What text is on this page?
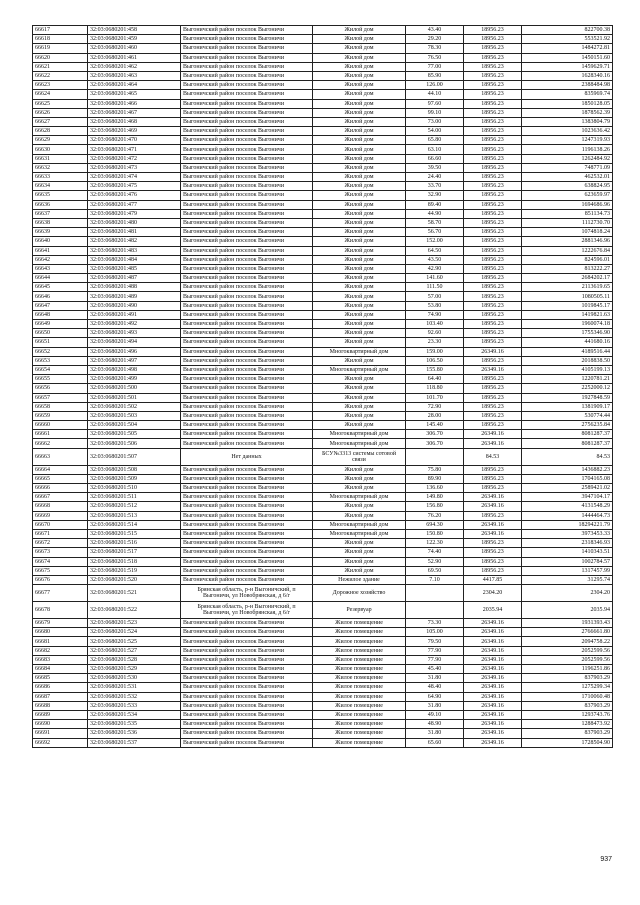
66617	32:03:0680201:458	Выгоничский район поселок Выгоничи	Жилой дом	43.40	18956.23	822700.38
66618	32:03:0680201:459	Выгоничский район поселок Выгоничи	Жилой дом	29.20	18956.23	553521.92
66619	32:03:0680201:460	Выгоничский район поселок Выгоничи	Жилой дом	78.30	18956.23	1484272.81
66620	32:03:0680201:461	Выгоничский район поселок Выгоничи	Жилой дом	76.50	18956.23	1450151.60
66621	32:03:0680201:462	Выгоничский район поселок Выгоничи	Жилой дом	77.00	18956.23	1459629.71
66622	32:03:0680201:463	Выгоничский район поселок Выгоничи	Жилой дом	85.90	18956.23	1628340.16
66623	32:03:0680201:464	Выгоничский район поселок Выгоничи	Жилой дом	126.00	18956.23	2388484.98
66624	32:03:0680201:465	Выгоничский район поселок Выгоничи	Жилой дом	44.10	18956.23	835969.74
66625	32:03:0680201:466	Выгоничский район поселок Выгоничи	Жилой дом	97.60	18956.23	1850128.05
66626	32:03:0680201:467	Выгоничский район поселок Выгоничи	Жилой дом	99.10	18956.23	1878562.39
66627	32:03:0680201:468	Выгоничский район поселок Выгоничи	Жилой дом	73.00	18956.23	1383804.79
66628	32:03:0680201:469	Выгоничский район поселок Выгоничи	Жилой дом	54.00	18956.23	1023636.42
66629	32:03:0680201:470	Выгоничский район поселок Выгоничи	Жилой дом	65.80	18956.23	1247319.93
66630	32:03:0680201:471	Выгоничский район поселок Выгоничи	Жилой дом	63.10	18956.23	1196138.26
66631	32:03:0680201:472	Выгоничский район поселок Выгоничи	Жилой дом	66.60	18956.23	1262484.92
66632	32:03:0680201:473	Выгоничский район поселок Выгоничи	Жилой дом	39.50	18956.23	748771.09
66633	32:03:0680201:474	Выгоничский район поселок Выгоничи	Жилой дом	24.40	18956.23	462532.01
66634	32:03:0680201:475	Выгоничский район поселок Выгоничи	Жилой дом	33.70	18956.23	638824.95
66635	32:03:0680201:476	Выгоничский район поселок Выгоничи	Жилой дом	32.90	18956.23	623659.97
66636	32:03:0680201:477	Выгоничский район поселок Выгоничи	Жилой дом	89.40	18956.23	1694686.96
66637	32:03:0680201:479	Выгоничский район поселок Выгоничи	Жилой дом	44.90	18956.23	851134.73
66638	32:03:0680201:480	Выгоничский район поселок Выгоничи	Жилой дом	58.70	18956.23	1112730.70
66639	32:03:0680201:481	Выгоничский район поселок Выгоничи	Жилой дом	56.70	18956.23	1074818.24
66640	32:03:0680201:482	Выгоничский район поселок Выгоничи	Жилой дом	152.00	18956.23	2881346.96
66641	32:03:0680201:483	Выгоничский район поселок Выгоничи	Жилой дом	64.50	18956.23	1222676.84
66642	32:03:0680201:484	Выгоничский район поселок Выгоничи	Жилой дом	43.50	18956.23	824596.01
66643	32:03:0680201:485	Выгоничский район поселок Выгоничи	Жилой дом	42.90	18956.23	813222.27
66644	32:03:0680201:487	Выгоничский район поселок Выгоничи	Жилой дом	141.60	18956.23	2684202.17
66645	32:03:0680201:488	Выгоничский район поселок Выгоничи	Жилой дом	111.50	18956.23	2113619.65
66646	32:03:0680201:489	Выгоничский район поселок Выгоничи	Жилой дом	57.00	18956.23	1080505.11
66647	32:03:0680201:490	Выгоничский район поселок Выгоничи	Жилой дом	53.80	18956.23	1019845.17
66648	32:03:0680201:491	Выгоничский район поселок Выгоничи	Жилой дом	74.90	18956.23	1419821.63
66649	32:03:0680201:492	Выгоничский район поселок Выгоничи	Жилой дом	103.40	18956.23	1960074.18
66650	32:03:0680201:493	Выгоничский район поселок Выгоничи	Жилой дом	92.60	18956.23	1755346.90
66651	32:03:0680201:494	Выгоничский район поселок Выгоничи	Жилой дом	23.30	18956.23	441680.16
66652	32:03:0680201:496	Выгоничский район поселок Выгоничи	Многоквартирный дом	159.00	26349.16	4189516.44
66653	32:03:0680201:497	Выгоничский район поселок Выгоничи	Жилой дом	106.50	18956.23	2018838.50
66654	32:03:0680201:498	Выгоничский район поселок Выгоничи	Многоквартирный дом	155.80	26349.16	4105199.13
66655	32:03:0680201:499	Выгоничский район поселок Выгоничи	Жилой дом	64.40	18956.23	1220781.21
66656	32:03:0680201:500	Выгоничский район поселок Выгоничи	Жилой дом	118.80	18956.23	2252000.12
66657	32:03:0680201:501	Выгоничский район поселок Выгоничи	Жилой дом	101.70	18956.23	1927848.59
66658	32:03:0680201:502	Выгоничский район поселок Выгоничи	Жилой дом	72.90	18956.23	1381909.17
66659	32:03:0680201:503	Выгоничский район поселок Выгоничи	Жилой дом	28.00	18956.23	530774.44
66660	32:03:0680201:504	Выгоничский район поселок Выгоничи	Жилой дом	145.40	18956.23	2756235.84
66661	32:03:0680201:505	Выгоничский район поселок Выгоничи	Многоквартирный дом	306.70	26349.16	8081287.37
66662	32:03:0680201:506	Выгоничский район поселок Выгоничи	Многоквартирный дом	306.70	26349.16	8081287.37
66663	32:03:0680201:507	Нет данных	БСУ№3313 системы сотовой связи		84.53	84.53
66664	32:03:0680201:508	Выгоничский район поселок Выгоничи	Жилой дом	75.80	18956.23	1436882.23
66665	32:03:0680201:509	Выгоничский район поселок Выгоничи	Жилой дом	89.90	18956.23	1704165.08
66666	32:03:0680201:510	Выгоничский район поселок Выгоничи	Жилой дом	136.60	18956.23	2589421.02
66667	32:03:0680201:511	Выгоничский район поселок Выгоничи	Многоквартирный дом	149.80	26349.16	3947104.17
66668	32:03:0680201:512	Выгоничский район поселок Выгоничи	Жилой дом	156.80	26349.16	4131548.29
66669	32:03:0680201:513	Выгоничский район поселок Выгоничи	Жилой дом	76.20	18956.23	1444464.73
66670	32:03:0680201:514	Выгоничский район поселок Выгоничи	Многоквартирный дом	694.30	26349.16	18294221.79
66671	32:03:0680201:515	Выгоничский район поселок Выгоничи	Многоквартирный дом	150.80	26349.16	3973453.33
66672	32:03:0680201:516	Выгоничский район поселок Выгоничи	Жилой дом	122.30	18956.23	2318346.93
66673	32:03:0680201:517	Выгоничский район поселок Выгоничи	Жилой дом	74.40	18956.23	1410343.51
66674	32:03:0680201:518	Выгоничский район поселок Выгоничи	Жилой дом	52.90	18956.23	1002784.57
66675	32:03:0680201:519	Выгоничский район поселок Выгоничи	Жилой дом	69.50	18956.23	1317457.99
66676	32:03:0680201:520	Выгоничский район поселок Выгоничи	Нежилое здание	7.10	4417.85	31295.74
66677	32:03:0680201:521	Брянская область, р-н Выгоничский, п Выгоничи, ул Новобрянская, д 6/г	Дорожное хозяйство		2304.20	2304.20
66678	32:03:0680201:522	Брянская область, р-н Выгоничский, п Выгоничи, ул Новобрянская, д 6/г	Резервуар		2035.94	2035.94
66679	32:03:0680201:523	Выгоничский район поселок Выгоничи	Жилое помещение	73.30	26349.16	1931393.43
66680	32:03:0680201:524	Выгоничский район поселок Выгоничи	Жилое помещение	105.00	26349.16	2766661.80
66681	32:03:0680201:525	Выгоничский район поселок Выгоничи	Жилое помещение	79.50	26349.16	2094758.22
66682	32:03:0680201:527	Выгоничский район поселок Выгоничи	Жилое помещение	77.90	26349.16	2052599.56
66683	32:03:0680201:528	Выгоничский район поселок Выгоничи	Жилое помещение	77.90	26349.16	2052599.56
66684	32:03:0680201:529	Выгоничский район поселок Выгоничи	Жилое помещение	45.40	26349.16	1196251.86
66685	32:03:0680201:530	Выгоничский район поселок Выгоничи	Жилое помещение	31.80	26349.16	837903.29
66686	32:03:0680201:531	Выгоничский район поселок Выгоничи	Жилое помещение	48.40	26349.16	1275299.34
66687	32:03:0680201:532	Выгоничский район поселок Выгоничи	Жилое помещение	64.90	26349.16	1710060.48
66688	32:03:0680201:533	Выгоничский район поселок Выгоничи	Жилое помещение	31.80	26349.16	837903.29
66689	32:03:0680201:534	Выгоничский район поселок Выгоничи	Жилое помещение	49.10	26349.16	1293743.76
66690	32:03:0680201:535	Выгоничский район поселок Выгоничи	Жилое помещение	48.90	26349.16	1288473.92
66691	32:03:0680201:536	Выгоничский район поселок Выгоничи	Жилое помещение	31.80	26349.16	837903.29
66692	32:03:0680201:537	Выгоничский район поселок Выгоничи	Жилое помещение	65.60	26349.16	1728504.90
937
